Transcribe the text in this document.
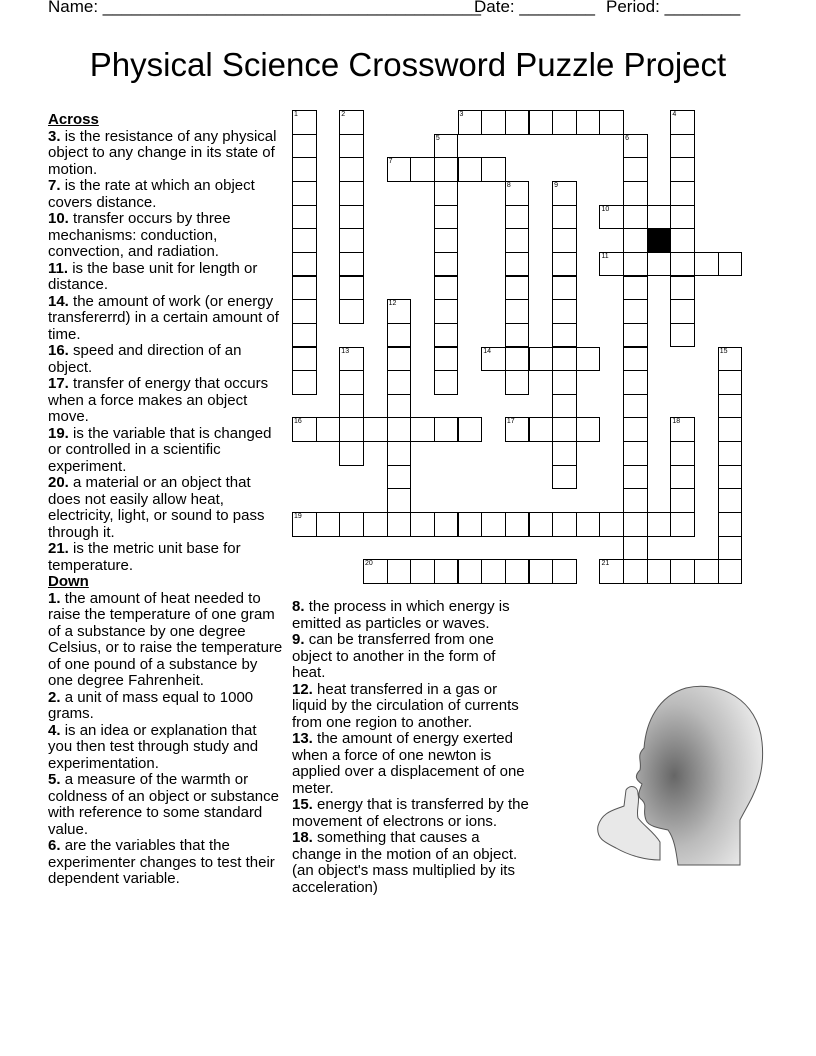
Name: ________________________________________
Date: ________ Period: ________
Physical Science Crossword Puzzle Project
Across
3. is the resistance of any physical object to any change in its state of motion.
7. is the rate at which an object covers distance.
10. transfer occurs by three mechanisms: conduction, convection, and radiation.
11. is the base unit for length or distance.
14. the amount of work (or energy transfererrd) in a certain amount of time.
16. speed and direction of an object.
17. transfer of energy that occurs when a force makes an object move.
19. is the variable that is changed or controlled in a scientific experiment.
20. a material or an object that does not easily allow heat, electricity, light, or sound to pass through it.
21. is the metric unit base for temperature.
Down
1. the amount of heat needed to raise the temperature of one gram of a substance by one degree Celsius, or to raise the temperature of one pound of a substance by one degree Fahrenheit.
2. a unit of mass equal to 1000 grams.
4. is an idea or explanation that you then test through study and experimentation.
5. a measure of the warmth or coldness of an object or substance with reference to some standard value.
6. are the variables that the experimenter changes to test their dependent variable.
8. the process in which energy is emitted as particles or waves.
9. can be transferred from one object to another in the form of heat.
12. heat transferred in a gas or liquid by the circulation of currents from one region to another.
13. the amount of energy exerted when a force of one newton is applied over a displacement of one meter.
15. energy that is transferred by the movement of electrons or ions.
18. something that causes a change in the motion of an object. (an object's mass multiplied by its acceleration)
3
7
10
11
14
16	17
19
20	21
1	2	4
5	6
8	9
12
13	15
18
